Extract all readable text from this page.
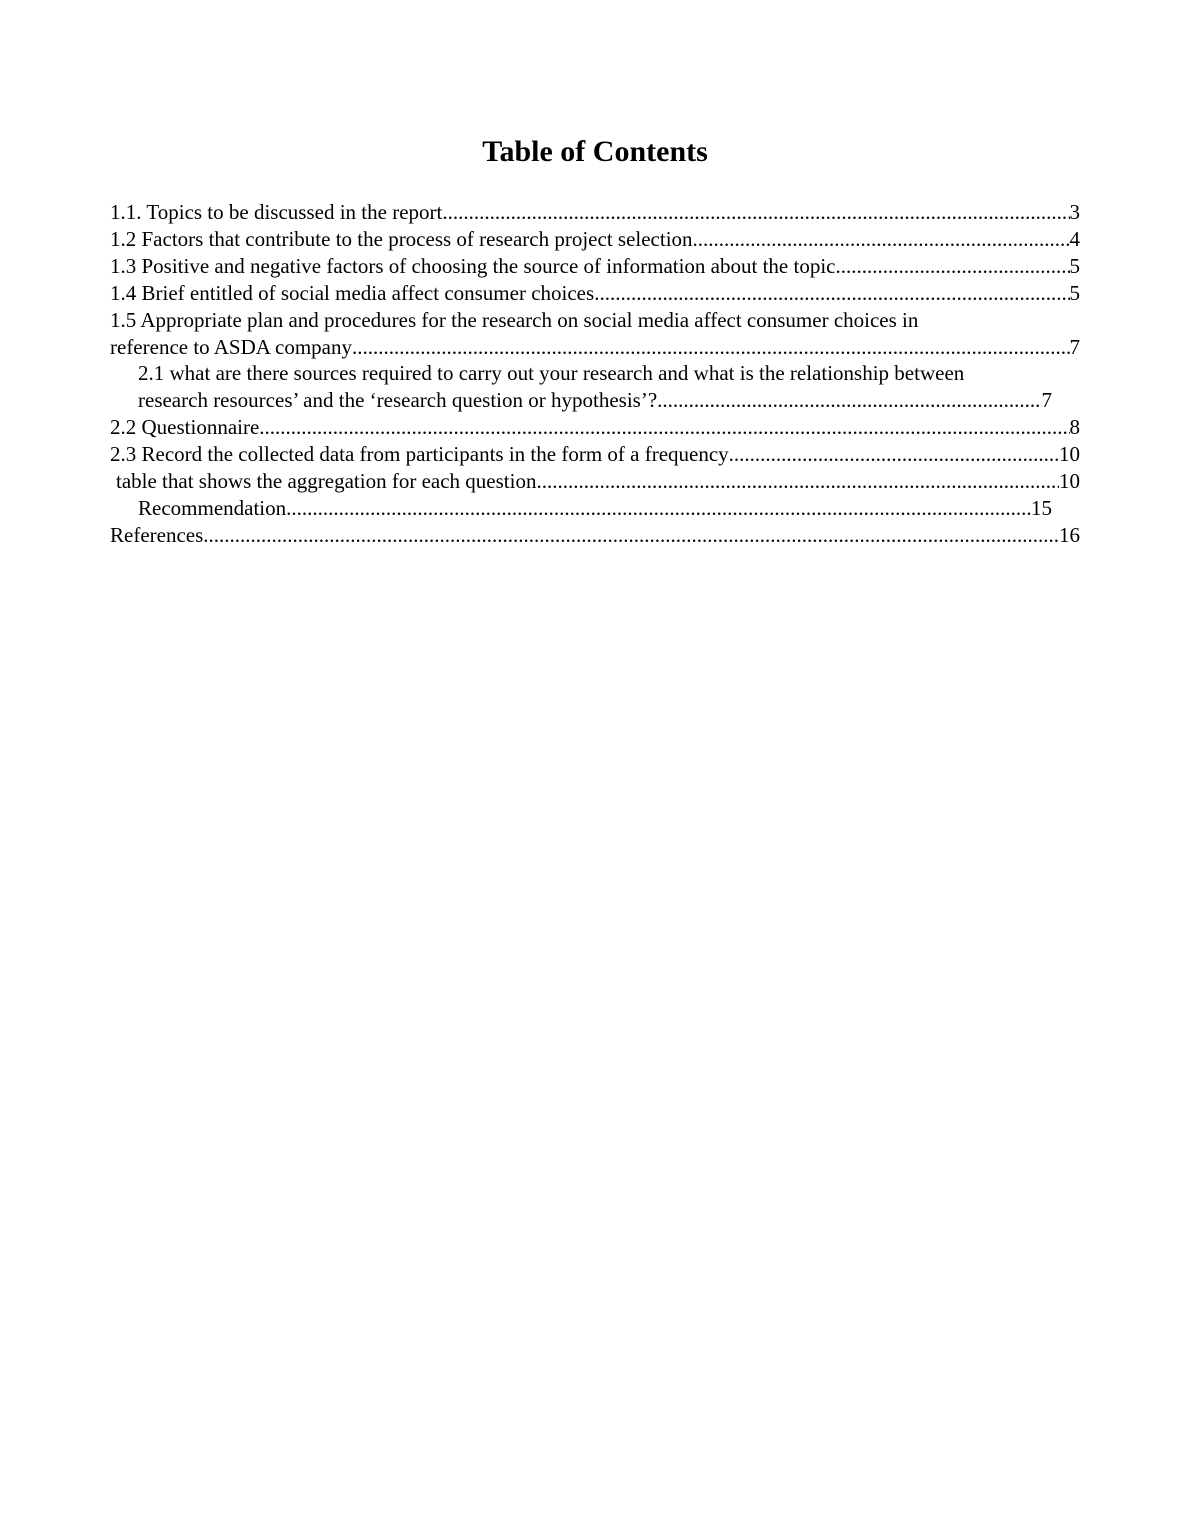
Table of Contents
1.1. Topics to be discussed in the report .....	3
1.2 Factors that contribute to the process of research project selection .....	4
1.3 Positive and negative factors of choosing the source of information about the topic .....	5
1.4 Brief entitled of social media affect consumer choices .....	5
1.5 Appropriate plan and procedures for the research on social media affect consumer choices in
reference to ASDA company .....	7
2.1 what are there sources required to carry out your research and what is the relationship between
research resources’ and the ‘research question or hypothesis’? .....	7
2.2 Questionnaire .....	8
2.3 Record the collected data from participants in the form of a frequency .....	10
table that shows the aggregation for each question .....	10
Recommendation .....	15
References .....	16
